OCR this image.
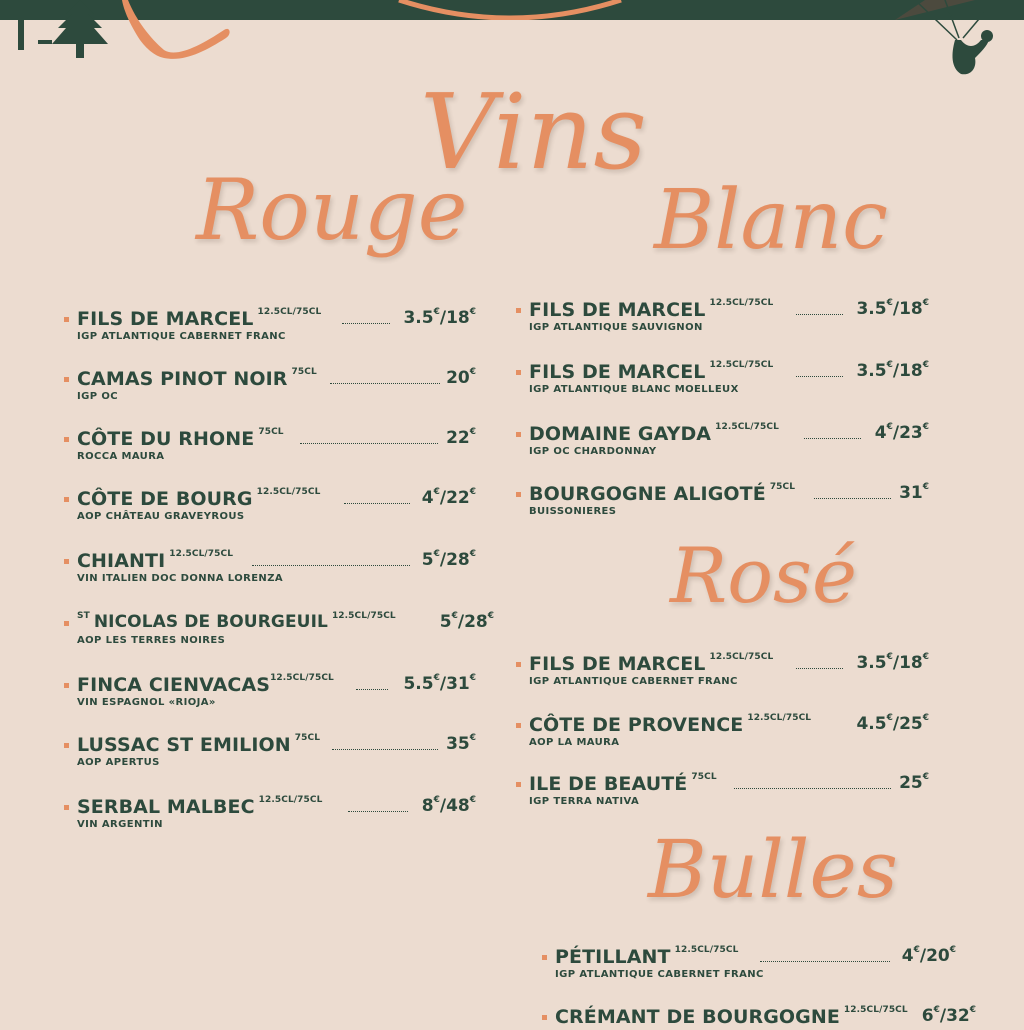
Vins
Rouge Blanc
Rosé
Bulles
FILS DE MARCEL $^{12.5CL/75CL}$	3.5€/18€
IGP ATLANTIQUE CABERNET FRANC
CAMAS PINOT NOIR $^{75CL}$	20€
IGP OC
CÔTE DU RHONE $^{75CL}$	22€
ROCCA MAURA
CÔTE DE BOURG $^{12.5CL/75CL}$	4€/22€
AOP CHÂTEAU GRAVEYROUS
CHIANTI $^{12.5CL/75CL}$	5€/28€
VIN ITALIEN DOC DONNA LORENZA
$^{ST}$ NICOLAS DE BOURGEUIL $^{12.5CL/75CL}$	5€/28€
AOP LES TERRES NOIRES
FINCA $CIENVACAS^{12.5CL/75CL}$	5.5€/31€
VIN ESPAGNOL «RIOJA»
LUSSAC ST EMILION $^{75CL}$	35€
AOP APERTUS
SERBAL MALBEC $^{12.5CL/75CL}$	8€/48€
VIN ARGENTIN
FILS DE MARCEL $^{12.5CL/75CL}$	3.5€/18€
IGP ATLANTIQUE SAUVIGNON
FILS DE MARCEL $^{12.5CL/75CL}$	3.5€/18€
IGP ATLANTIQUE BLANC MOELLEUX
DOMAINE GAYDA $^{12.5CL/75CL}$	4€/23€
IGP OC CHARDONNAY
BOURGOGNE ALIGOTÉ $^{75CL}$	31€
BUISSONIERES
FILS DE MARCEL $^{12.5CL/75CL}$	3.5€/18€
IGP ATLANTIQUE CABERNET FRANC
CÔTE DE PROVENCE $^{12.5CL/75CL}$	4.5€/25€
AOP LA MAURA
ILE DE BEAUTÉ $^{75CL}$	25€
IGP TERRA NATIVA
PÉTILLANT $^{12.5CL/75CL}$	4€/20€
IGP ATLANTIQUE CABERNET FRANC
CRÉMANT DE BOURGOGNE $^{12.5CL/75CL}$ 6€/32€
